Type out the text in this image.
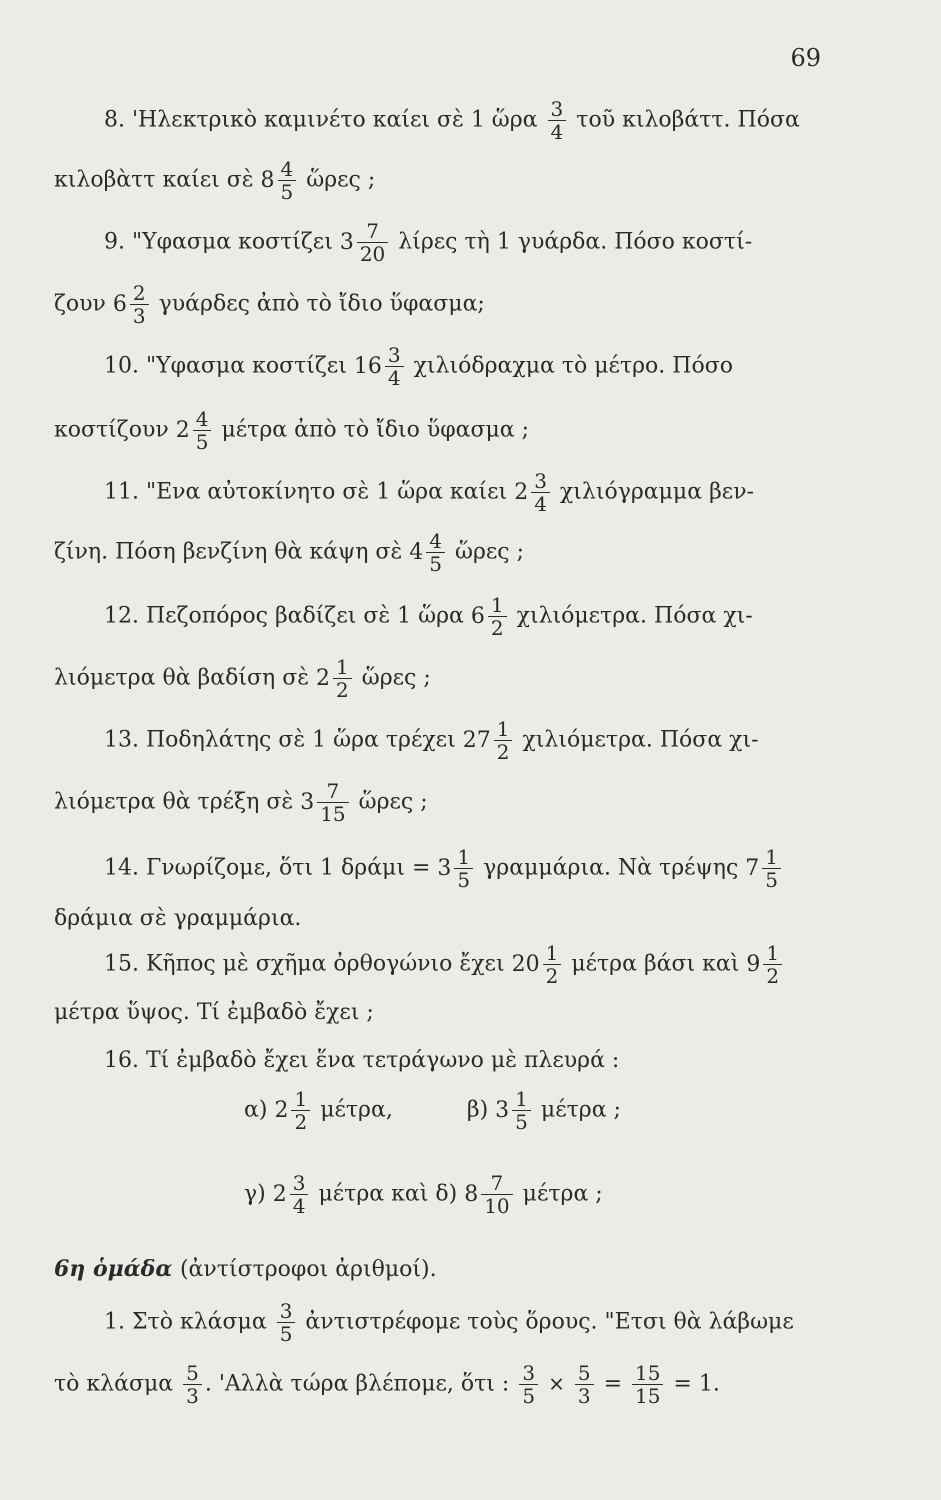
69
8. 'Ηλεκτρικὸ καμινέτο καίει σὲ 1 ὥρα $\frac{3}{4}$ τοῦ κιλοβάττ. Πόσα
κιλοβὰττ καίει σὲ $8 \frac{4}{5}$ ὥρες ;
9. "Υφασμα κοστίζει $3 \frac{7}{20}$ λίρες τὴ 1 γυάρδα. Πόσο κοστί-
ζουν $6 \frac{2}{3}$ γυάρδες ἀπὸ τὸ ἴδιο ὕφασμα;
10. "Υφασμα κοστίζει $16 \frac{3}{4}$ χιλιόδραχμα τὸ μέτρο. Πόσο
κοστίζουν $2 \frac{4}{5}$ μέτρα ἀπὸ τὸ ἴδιο ὕφασμα ;
11. "Ενα αὐτοκίνητο σὲ 1 ὥρα καίει $2 \frac{3}{4}$ χιλιόγραμμα βεν-
ζίνη. Πόση βενζίνη θὰ κάψη σὲ $4 \frac{4}{5}$ ὥρες ;
12. Πεζοπόρος βαδίζει σὲ 1 ὥρα $6 \frac{1}{2} \chi\iota\lambda\iota ό\mu\varepsilon\tau\rho\alpha$. Πόσα χι-
λιόμετρα θὰ βαδίση σὲ $2 \frac{1}{2}$ ὥρες ;
13. Ποδηλάτης σὲ 1 ὥρα τρέχει $27 \frac{1}{2} \chi\iota\lambda\iota ό\mu\varepsilon\tau\rho\alpha$. Πόσα χι-
λιόμετρα θὰ τρέξη σὲ $3 \frac{7}{15}$ ὥρες ;
14. Γνωρίζομε, ὅτι 1 $\delta\rho ά\mu\iota = 3 \frac{1}{5} \gamma\rho\alpha\mu\mu ά\rho\iota\alpha$. Νὰ τρέψης $7 \frac{1}{5}$
δράμια σὲ γραμμάρια.
15. Κῆπος μὲ σχῆμα ὀρθογώνιο ἔχει $20 \frac{1}{2}$ μέτρα βάσι καὶ $9 \frac{1}{2}$
μέτρα ὕψος. Τί ἐμβαδὸ ἔχει ;
16. Τί ἐμβαδὸ ἔχει ἕνα τετράγωνο μὲ πλευρά :
α) $2 \frac{1}{2} \mu έ\tau\rho\alpha$,	β) $3 \frac{1}{5}$ μέτρα ;
γ) $2 \frac{3}{4}$ μέτρα καὶ δ) $8 \frac{7}{10}$ μέτρα ;
6η ὁμάδα (ἀντίστροφοι ἀριθμοί).
1. Στὸ κλάσμα $\frac{3}{5}$ ἀντιστρέφομε τοὺς ὅρους. "Ετσι θὰ λάβωμε
τὸ κλάσμα $\frac{5}{3}$ . 'Αλλὰ τώρα βλέπομε, ὅτι : $\frac{3}{5} \times \frac{5}{3} = \frac{15}{15} = 1$.
